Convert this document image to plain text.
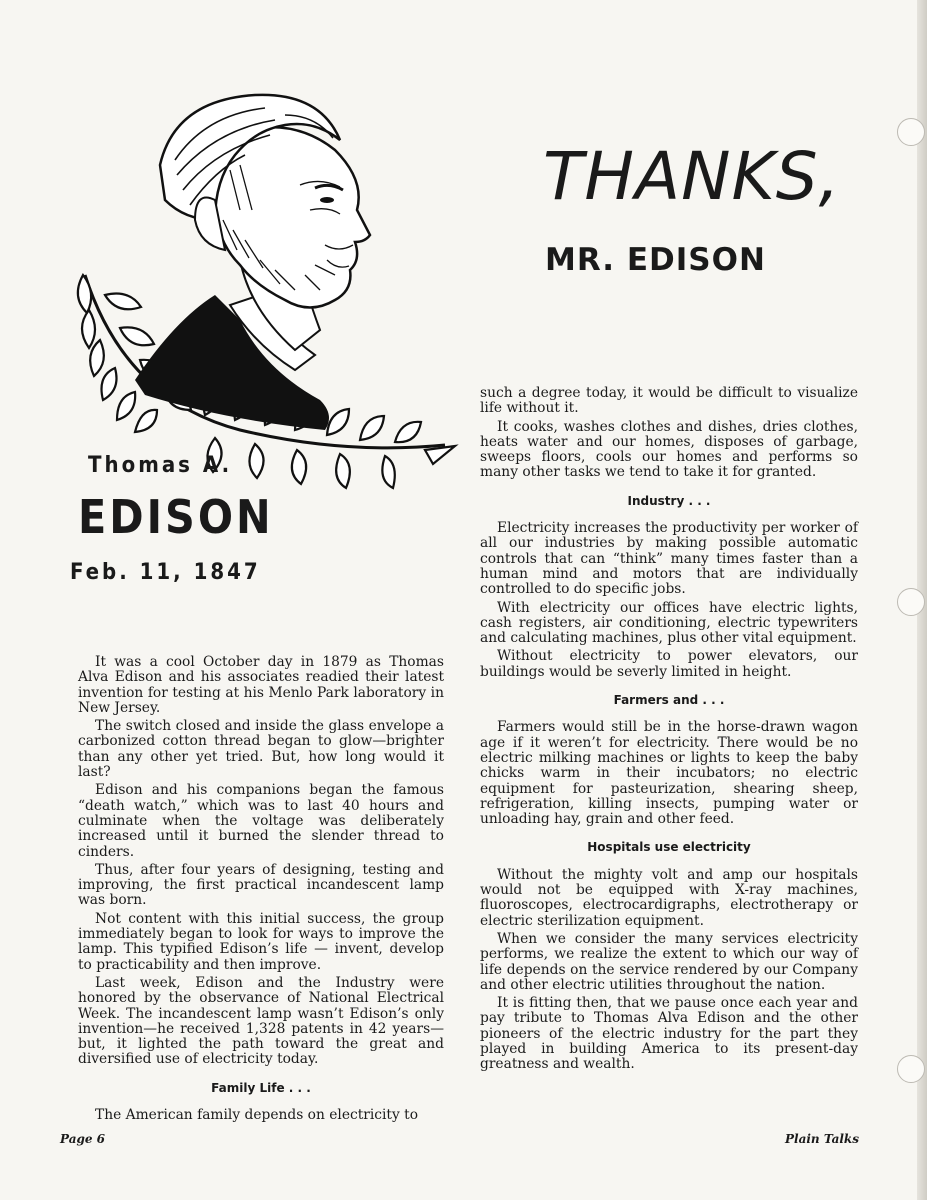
Thomas A.

EDISON

Feb. 11, 1847

THANKS,
MR. EDISON

It was a cool October day in 1879 as Thomas Alva Edison and his associates readied their latest invention for testing at his Menlo Park laboratory in New Jersey.

The switch closed and inside the glass envelope a carbonized cotton thread began to glow—brighter than any other yet tried. But, how long would it last?

Edison and his companions began the famous “death watch,” which was to last 40 hours and culminate when the voltage was deliberately increased until it burned the slender thread to cinders.

Thus, after four years of designing, testing and improving, the first practical incandescent lamp was born.

Not content with this initial success, the group immediately began to look for ways to improve the lamp. This typified Edison’s life — invent, develop to practicability and then improve.

Last week, Edison and the Industry were honored by the observance of National Electrical Week. The incandescent lamp wasn’t Edison’s only invention—he received 1,328 patents in 42 years—but, it lighted the path toward the great and diversified use of electricity today.

Family Life . . .

The American family depends on electricity to

such a degree today, it would be difficult to visualize life without it.

It cooks, washes clothes and dishes, dries clothes, heats water and our homes, disposes of garbage, sweeps floors, cools our homes and performs so many other tasks we tend to take it for granted.

Industry . . .

Electricity increases the productivity per worker of all our industries by making possible automatic controls that can “think” many times faster than a human mind and motors that are individually controlled to do specific jobs.

With electricity our offices have electric lights, cash registers, air conditioning, electric typewriters and calculating machines, plus other vital equipment.

Without electricity to power elevators, our buildings would be severly limited in height.

Farmers and . . .

Farmers would still be in the horse-drawn wagon age if it weren’t for electricity. There would be no electric milking machines or lights to keep the baby chicks warm in their incubators; no electric equipment for pasteurization, shearing sheep, refrigeration, killing insects, pumping water or unloading hay, grain and other feed.

Hospitals use electricity

Without the mighty volt and amp our hospitals would not be equipped with X-ray machines, fluoroscopes, electrocardigraphs, electrotherapy or electric sterilization equipment.

When we consider the many services electricity performs, we realize the extent to which our way of life depends on the service rendered by our Company and other electric utilities throughout the nation.

It is fitting then, that we pause once each year and pay tribute to Thomas Alva Edison and the other pioneers of the electric industry for the part they played in building America to its present-day greatness and wealth.

Page 6	Plain Talks
